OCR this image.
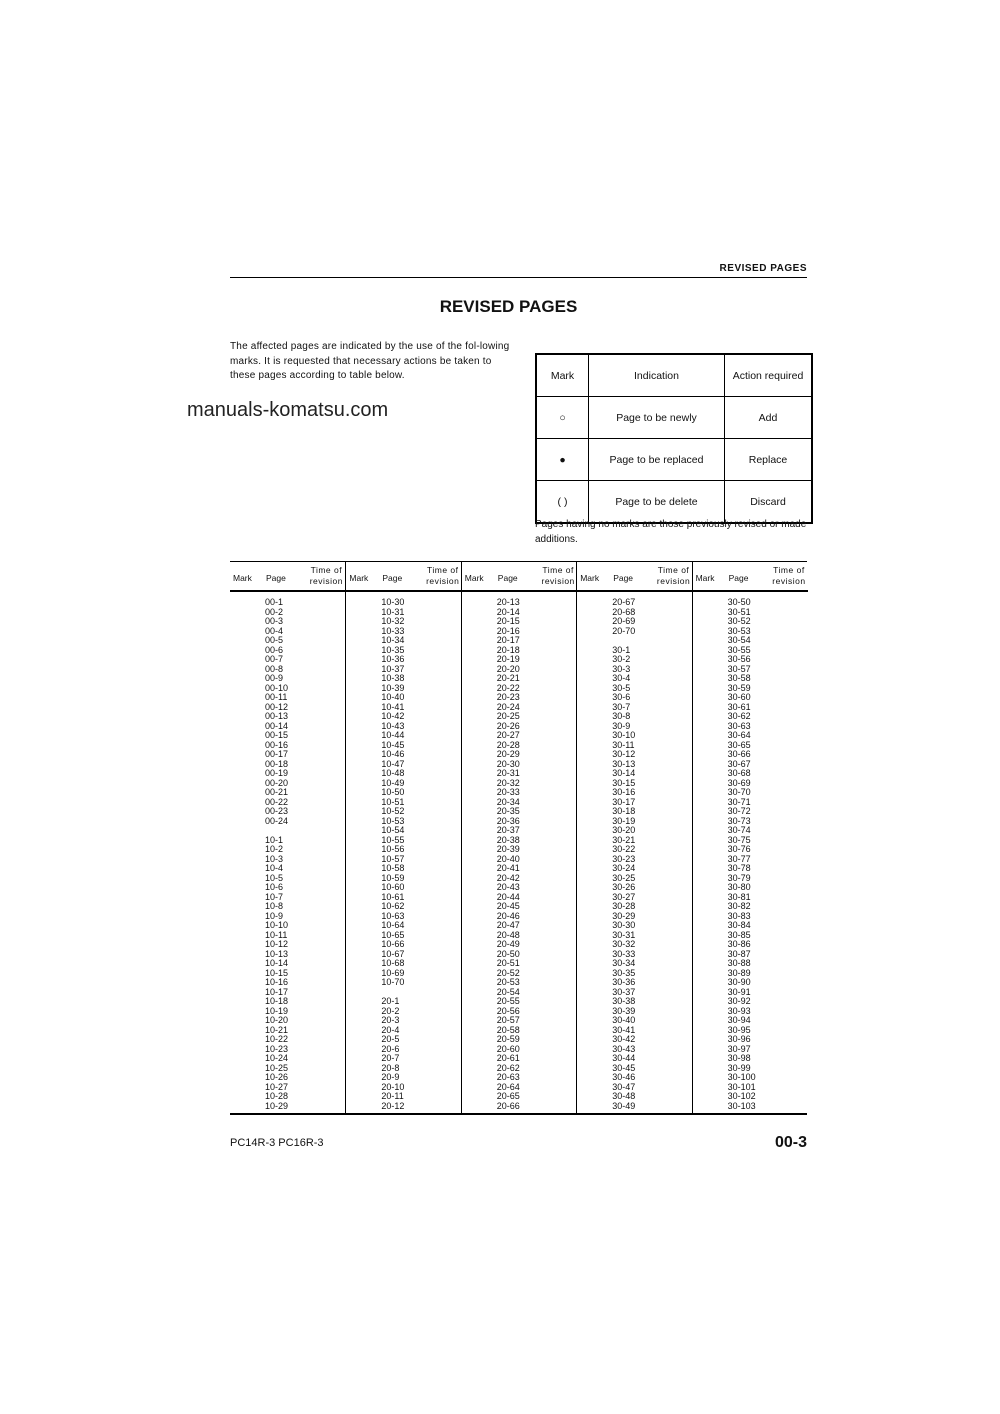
REVISED PAGES
REVISED PAGES
The affected pages are indicated by the use of the fol-lowing marks. It is requested that necessary actions be taken to these pages according to table below.
manuals-komatsu.com
Mark	Indication	Action required
○	Page to be newly	Add
●	Page to be replaced	Replace
( )	Page to be delete	Discard
Pages having no marks are those previously revised or made additions.
Mark Page
Time of
revision
00-1
00-2
00-3
00-4
00-5
00-6
00-7
00-8
00-9
00-10
00-11
00-12
00-13
00-14
00-15
00-16
00-17
00-18
00-19
00-20
00-21
00-22
00-23
00-24
10-1
10-2
10-3
10-4
10-5
10-6
10-7
10-8
10-9
10-10
10-11
10-12
10-13
10-14
10-15
10-16
10-17
10-18
10-19
10-20
10-21
10-22
10-23
10-24
10-25
10-26
10-27
10-28
10-29
Mark Page
Time of
revision
10-30
10-31
10-32
10-33
10-34
10-35
10-36
10-37
10-38
10-39
10-40
10-41
10-42
10-43
10-44
10-45
10-46
10-47
10-48
10-49
10-50
10-51
10-52
10-53
10-54
10-55
10-56
10-57
10-58
10-59
10-60
10-61
10-62
10-63
10-64
10-65
10-66
10-67
10-68
10-69
10-70
20-1
20-2
20-3
20-4
20-5
20-6
20-7
20-8
20-9
20-10
20-11
20-12
Mark Page
Time of
revision
20-13
20-14
20-15
20-16
20-17
20-18
20-19
20-20
20-21
20-22
20-23
20-24
20-25
20-26
20-27
20-28
20-29
20-30
20-31
20-32
20-33
20-34
20-35
20-36
20-37
20-38
20-39
20-40
20-41
20-42
20-43
20-44
20-45
20-46
20-47
20-48
20-49
20-50
20-51
20-52
20-53
20-54
20-55
20-56
20-57
20-58
20-59
20-60
20-61
20-62
20-63
20-64
20-65
20-66
Mark Page
Time of
revision
20-67
20-68
20-69
20-70
30-1
30-2
30-3
30-4
30-5
30-6
30-7
30-8
30-9
30-10
30-11
30-12
30-13
30-14
30-15
30-16
30-17
30-18
30-19
30-20
30-21
30-22
30-23
30-24
30-25
30-26
30-27
30-28
30-29
30-30
30-31
30-32
30-33
30-34
30-35
30-36
30-37
30-38
30-39
30-40
30-41
30-42
30-43
30-44
30-45
30-46
30-47
30-48
30-49
Mark Page
Time of
revision
30-50
30-51
30-52
30-53
30-54
30-55
30-56
30-57
30-58
30-59
30-60
30-61
30-62
30-63
30-64
30-65
30-66
30-67
30-68
30-69
30-70
30-71
30-72
30-73
30-74
30-75
30-76
30-77
30-78
30-79
30-80
30-81
30-82
30-83
30-84
30-85
30-86
30-87
30-88
30-89
30-90
30-91
30-92
30-93
30-94
30-95
30-96
30-97
30-98
30-99
30-100
30-101
30-102
30-103
PC14R-3 PC16R-3	00-3
